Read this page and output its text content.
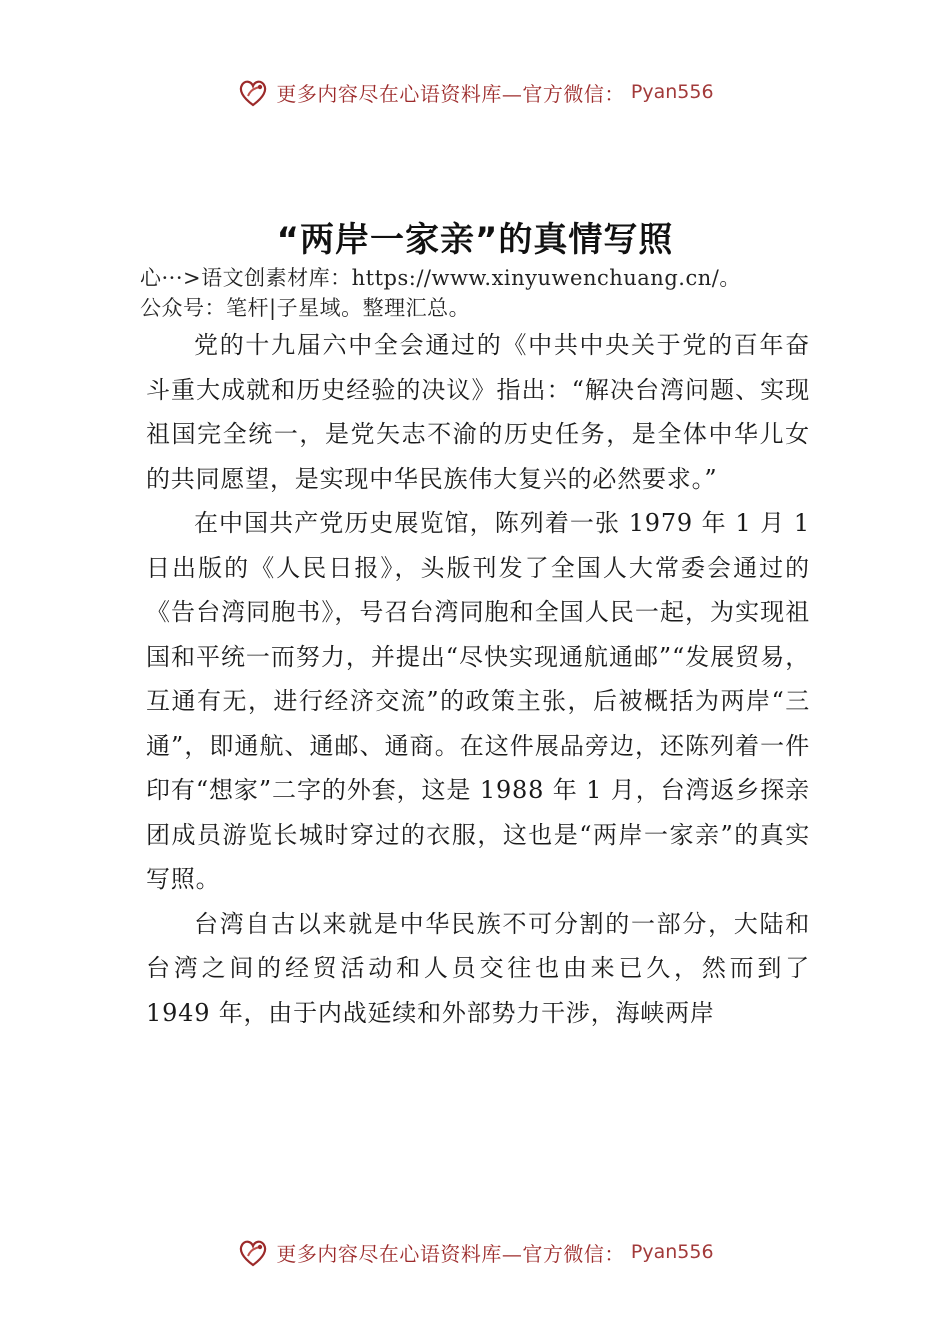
更多内容尽在心语资料库—官方微信： Pyan556
“两岸一家亲”的真情写照
心···>语文创素材库：https://www.xinyuwenchuang.cn/。
公众号：笔杆|子星域。整理汇总。

党的十九届六中全会通过的《中共中央关于党的百年奋斗重大成就和历史经验的决议》指出：“解决台湾问题、实现祖国完全统一，是党矢志不渝的历史任务，是全体中华儿女的共同愿望，是实现中华民族伟大复兴的必然要求。”

在中国共产党历史展览馆，陈列着一张 1979 年 1 月 1 日出版的《人民日报》，头版刊发了全国人大常委会通过的《告台湾同胞书》，号召台湾同胞和全国人民一起，为实现祖国和平统一而努力，并提出“尽快实现通航通邮”“发展贸易，互通有无，进行经济交流”的政策主张，后被概括为两岸“三通”，即通航、通邮、通商。在这件展品旁边，还陈列着一件印有“想家”二字的外套，这是 1988 年 1 月，台湾返乡探亲团成员游览长城时穿过的衣服，这也是“两岸一家亲”的真实写照。

台湾自古以来就是中华民族不可分割的一部分，大陆和台湾之间的经贸活动和人员交往也由来已久，然而到了 1949 年，由于内战延续和外部势力干涉，海峡两岸

更多内容尽在心语资料库—官方微信： Pyan556
